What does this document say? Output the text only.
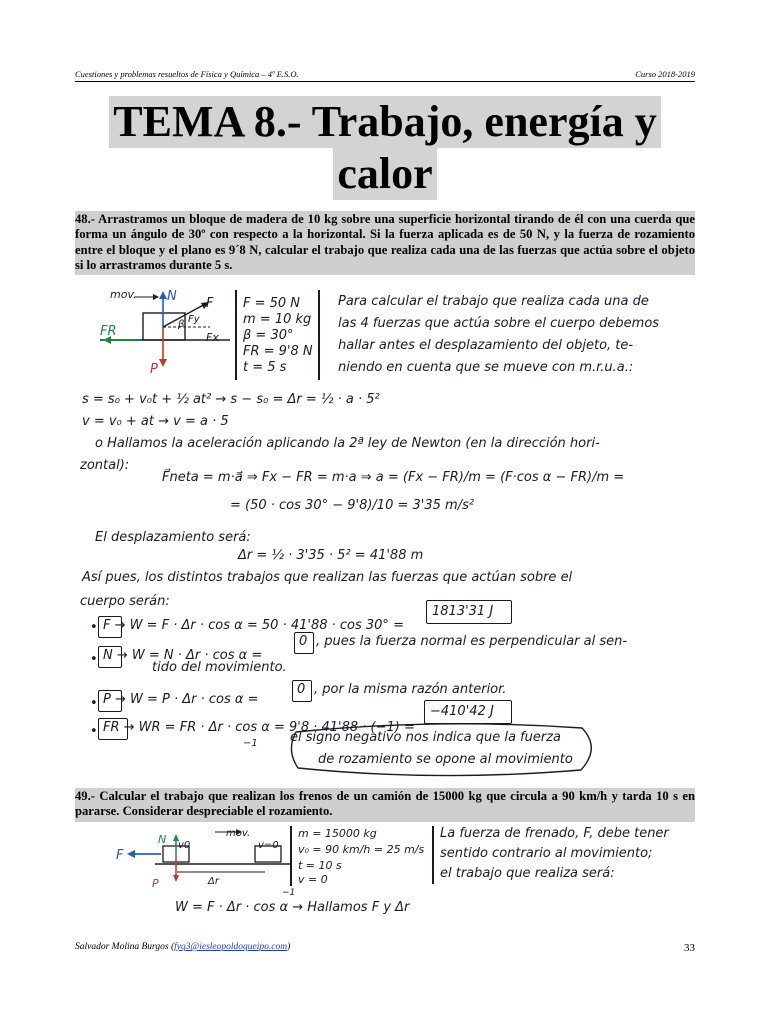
Cuestiones y problemas resueltos de Física y Química – 4º E.S.O.	Curso 2018-2019
TEMA 8.- Trabajo, energía y
calor
48.- Arrastramos un bloque de madera de 10 kg sobre una superficie horizontal tirando de él con una cuerda que forma un ángulo de 30º con respecto a la horizontal. Si la fuerza aplicada es de 50 N, y la fuerza de rozamiento entre el bloque y el plano es 9´8 N, calcular el trabajo que realiza cada una de las fuerzas que actúa sobre el objeto si lo arrastramos durante 5 s.
mov. N F
Fy
β
Fx
FR
P
F = 50 N
m = 10 kg
β = 30°
FR = 9'8 N
t = 5 s
Para calcular el trabajo que realiza cada una de
las 4 fuerzas que actúa sobre el cuerpo debemos
hallar antes el desplazamiento del objeto, te-
niendo en cuenta que se mueve con m.r.u.a.:
s = s₀ + v₀t + ½ at² → s − s₀ = Δr = ½ · a · 5²
v = v₀ + at → v = a · 5
o Hallamos la aceleración aplicando la 2ª ley de Newton (en la dirección hori-
zontal):
F⃗neta = m·a⃗ ⇒ Fx − FR = m·a ⇒ a = (Fx − FR)/m = (F·cos α − FR)/m =
= (50 · cos 30° − 9'8)/10 = 3'35 m/s²
El desplazamiento será:
Δr = ½ · 3'35 · 5² = 41'88 m
Así pues, los distintos trabajos que realizan las fuerzas que actúan sobre el
cuerpo serán:
• F → W = F · Δr · cos α = 50 · 41'88 · cos 30° =
1813'31 J
• N → W = N · Δr · cos α =
0 , pues la fuerza normal es perpendicular al sen-
tido del movimiento.
• P → W = P · Δr · cos α =
0 , por la misma razón anterior.
• FR → WR = FR · Δr · cos α = 9'8 · 41'88 · (−1) =
−1
−410'42 J
el signo negativo nos indica que la fuerza
de rozamiento se opone al movimiento
49.- Calcular el trabajo que realizan los frenos de un camión de 15000 kg que circula a 90 km/h y tarda 10 s en pararse. Considerar despreciable el rozamiento.
mov.
v0	v=0
F
N
P	Δr
m = 15000 kg
v₀ = 90 km/h = 25 m/s
t = 10 s
v = 0
La fuerza de frenado, F, debe tener
sentido contrario al movimiento;
el trabajo que realiza será:
−1
W = F · Δr · cos α → Hallamos F y Δr
Salvador Molina Burgos (fyq3@iesleopoldoqueipo.com)	33
